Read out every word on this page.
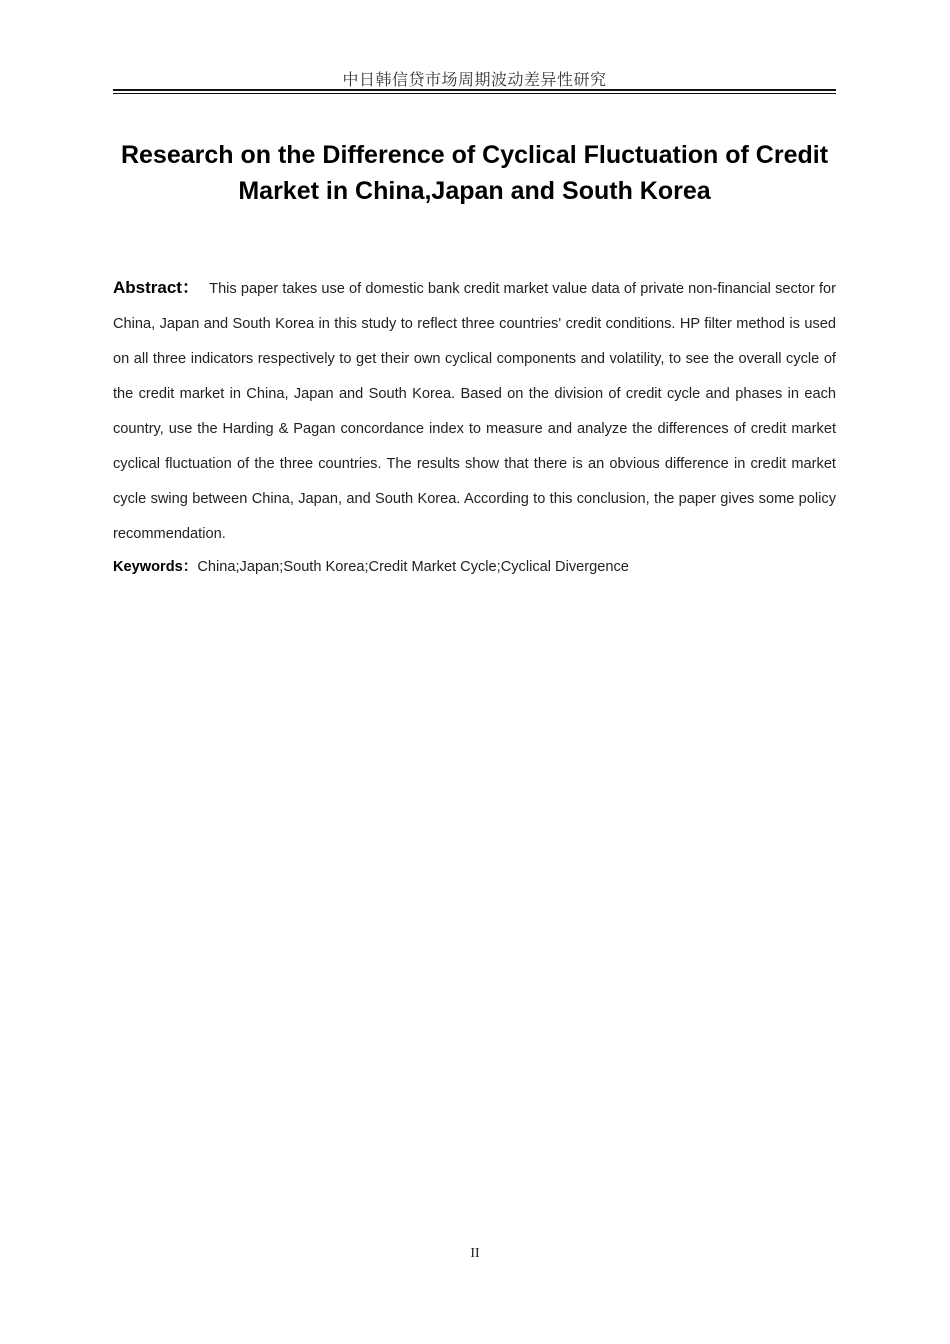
中日韩信贷市场周期波动差异性研究
Research on the Difference of Cyclical Fluctuation of Credit
Market in China,Japan and South Korea

Abstract： This paper takes use of domestic bank credit market value data of private non-financial sector for China, Japan and South Korea in this study to reflect three countries' credit conditions. HP filter method is used on all three indicators respectively to get their own cyclical components and volatility, to see the overall cycle of the credit market in China, Japan and South Korea. Based on the division of credit cycle and phases in each country, use the Harding & Pagan concordance index to measure and analyze the differences of credit market cyclical fluctuation of the three countries. The results show that there is an obvious difference in credit market cycle swing between China, Japan, and South Korea. According to this conclusion, the paper gives some policy recommendation.

Keywords：China;Japan;South Korea;Credit Market Cycle;Cyclical Divergence

II
